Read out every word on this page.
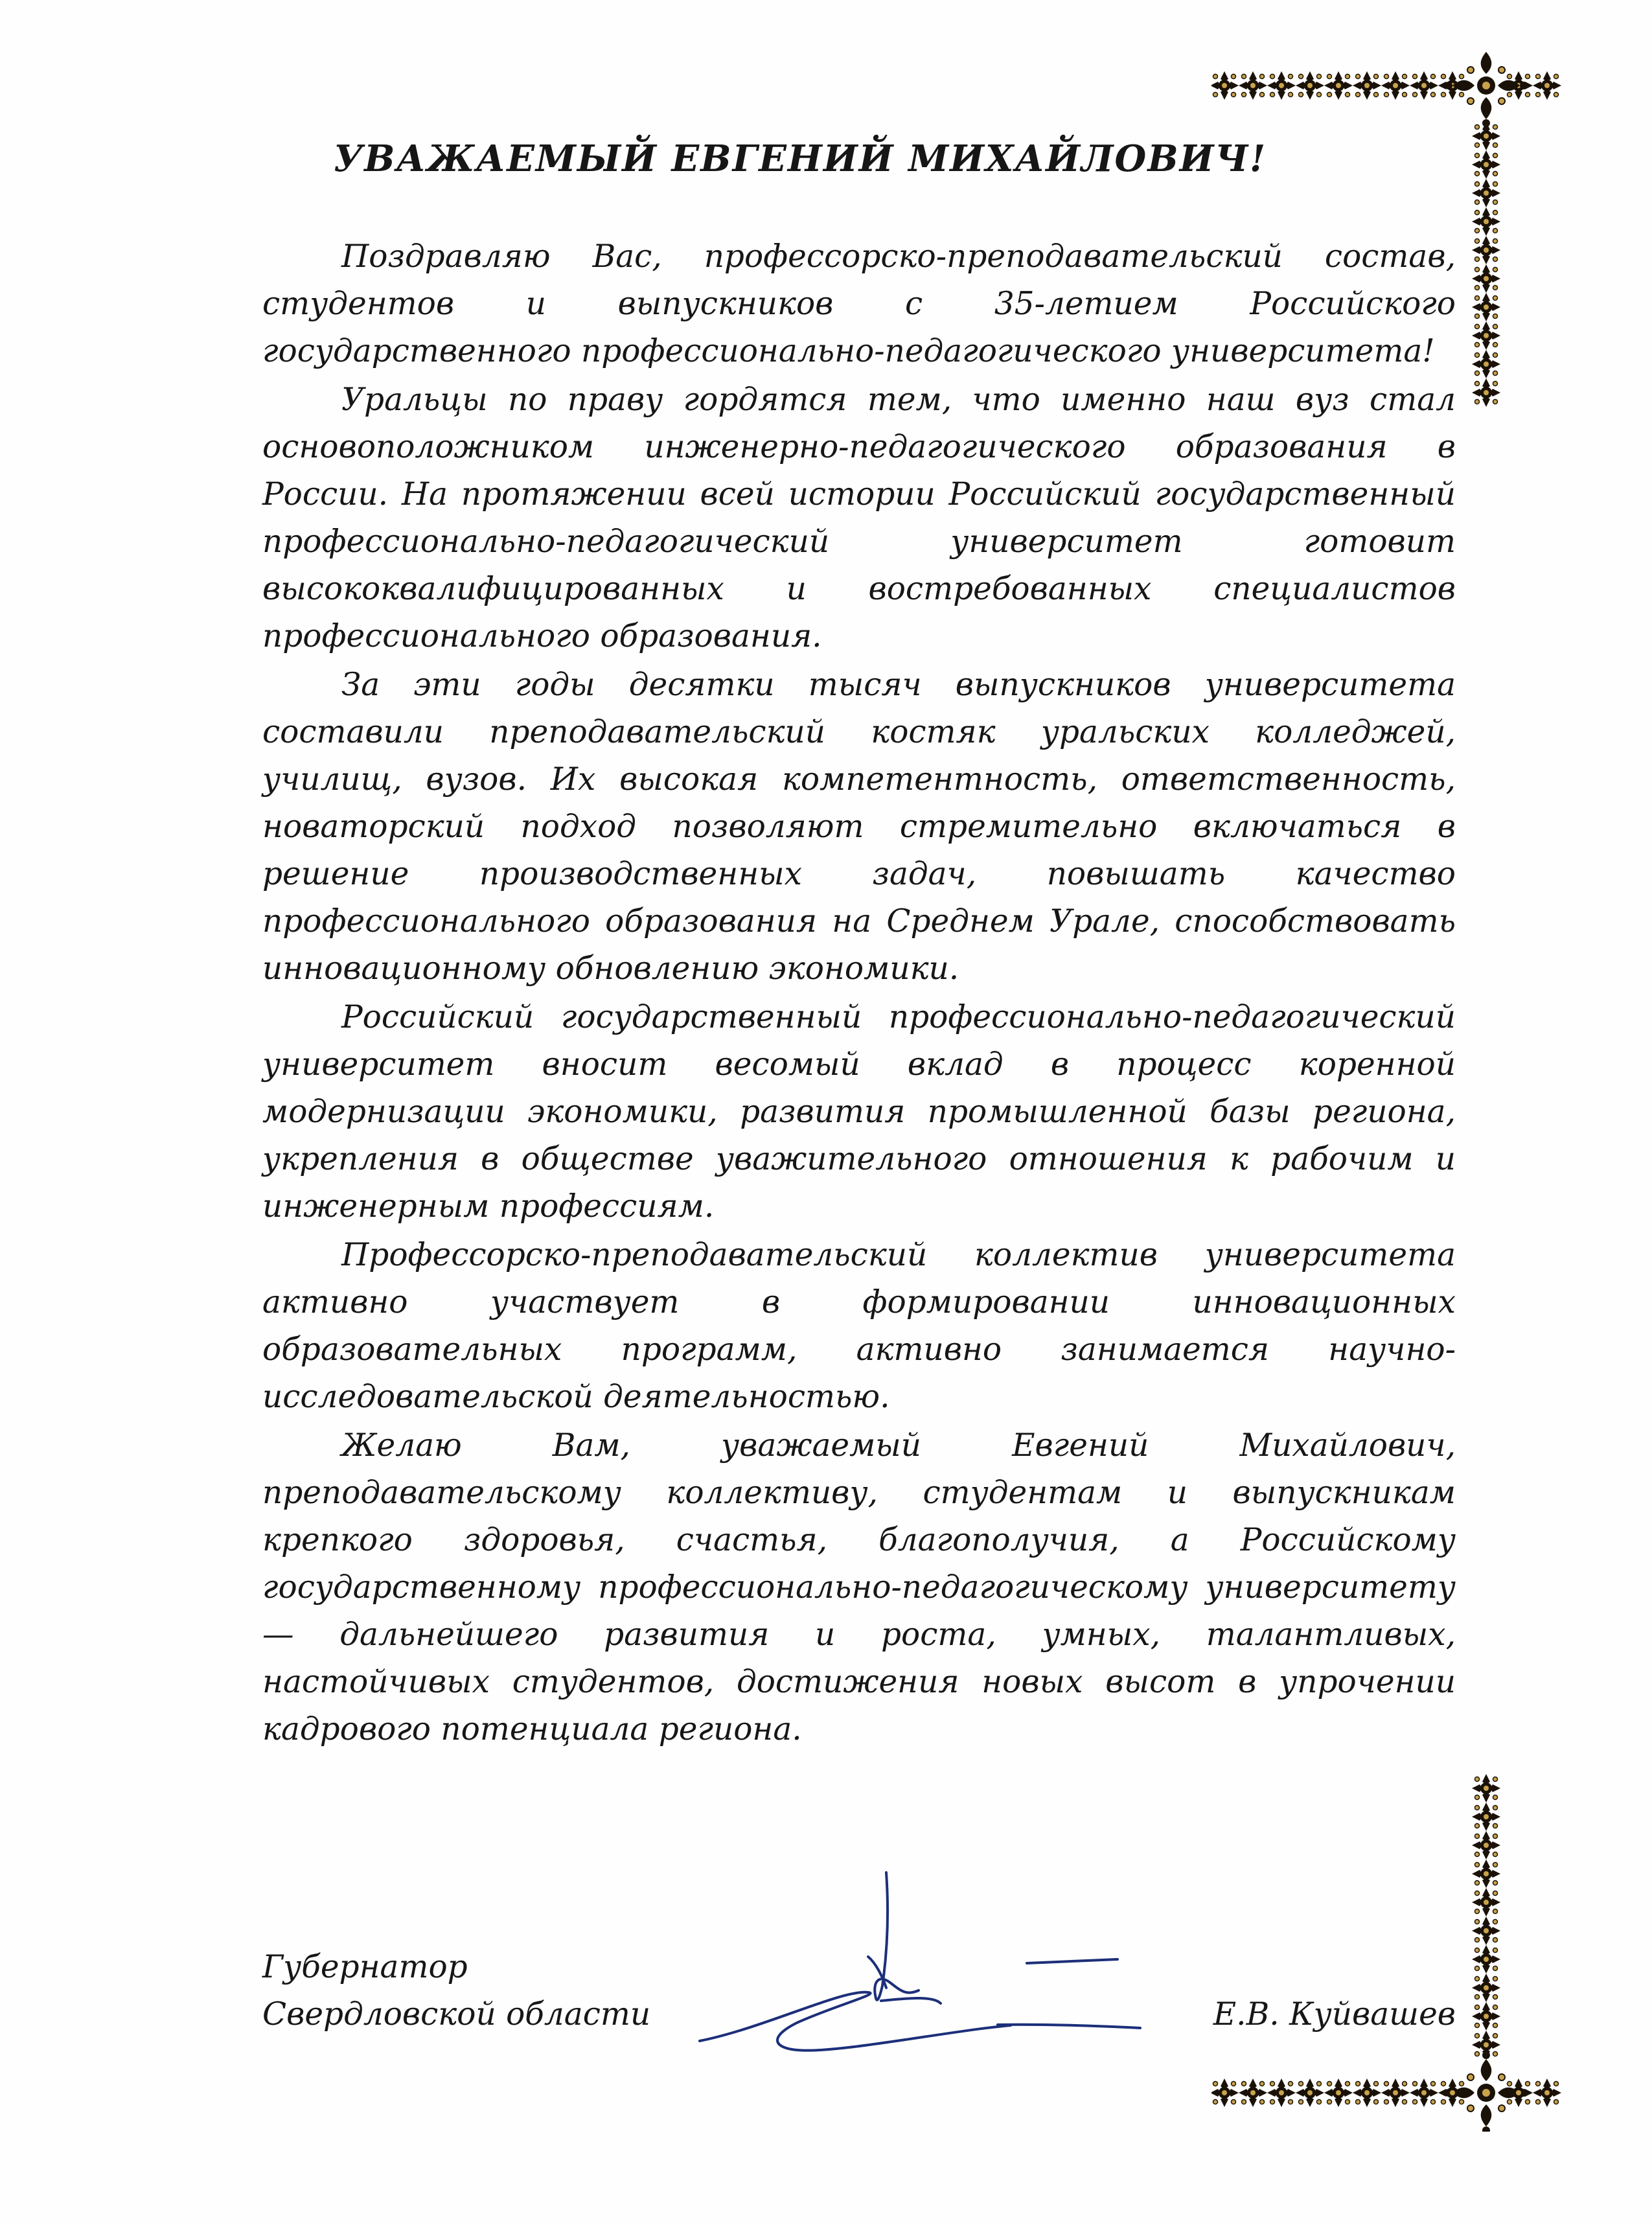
УВАЖАЕМЫЙ ЕВГЕНИЙ МИХАЙЛОВИЧ!

Поздравляю Вас, профессорско-преподавательский состав, студентов и выпускников с 35-летием Российского государственного профессионально-педагогического университета!

Уральцы по праву гордятся тем, что именно наш вуз стал основоположником инженерно-педагогического образования в России. На протяжении всей истории Российский государственный профессионально-педагогический университет готовит высококвалифицированных и востребованных специалистов профессионального образования.

За эти годы десятки тысяч выпускников университета составили преподавательский костяк уральских колледжей, училищ, вузов. Их высокая компетентность, ответственность, новаторский подход позволяют стремительно включаться в решение производственных задач, повышать качество профессионального образования на Среднем Урале, способствовать инновационному обновлению экономики.

Российский государственный профессионально-педагогический университет вносит весомый вклад в процесс коренной модернизации экономики, развития промышленной базы региона, укрепления в обществе уважительного отношения к рабочим и инженерным профессиям.

Профессорско-преподавательский коллектив университета активно участвует в формировании инновационных образовательных программ, активно занимается научно-исследовательской деятельностью.

Желаю Вам, уважаемый Евгений Михайлович, преподавательскому коллективу, студентам и выпускникам крепкого здоровья, счастья, благополучия, а Российскому государственному профессионально-педагогическому университету — дальнейшего развития и роста, умных, талантливых, настойчивых студентов, достижения новых высот в упрочении кадрового потенциала региона.

Губернатор
Свердловской области	Е.В. Куйвашев
